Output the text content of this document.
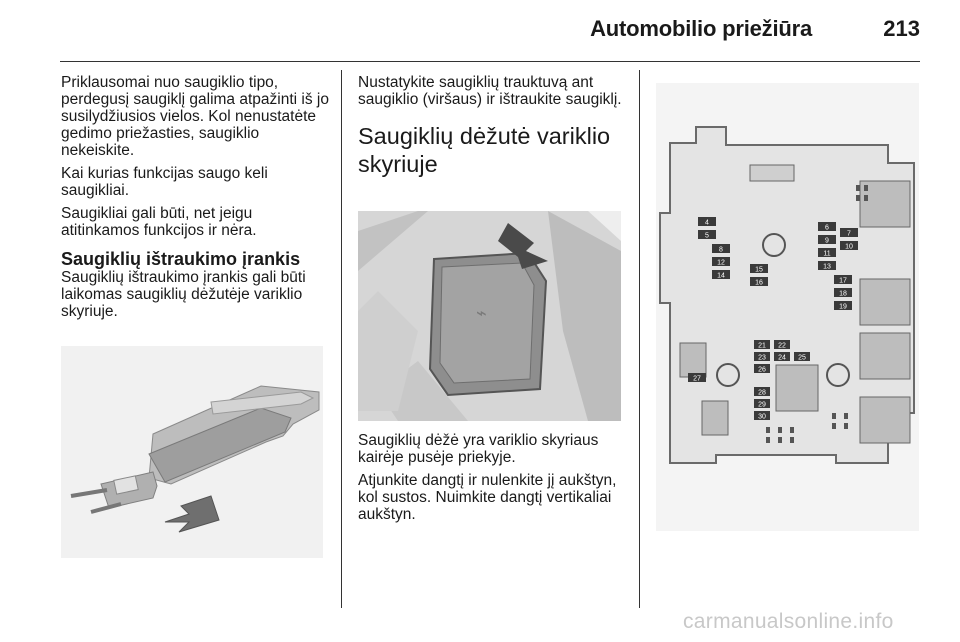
Automobilio priežiūra	213

Priklausomai nuo saugiklio tipo, perdegusį saugiklį galima atpažinti iš jo susilydžiusios vielos. Kol nenustatėte gedimo priežasties, saugiklio nekeiskite.

Kai kurias funkcijas saugo keli saugikliai.

Saugikliai gali būti, net jeigu atitinkamos funkcijos ir nėra.

Saugiklių ištraukimo įrankis

Saugiklių ištraukimo įrankis gali būti laikomas saugiklių dėžutėje variklio skyriuje.

Nustatykite saugiklių trauktuvą ant saugiklio (viršaus) ir ištraukite saugiklį.

Saugiklių dėžutė variklio skyriuje
⌁

Saugiklių dėžė yra variklio skyriaus kairėje pusėje priekyje.

Atjunkite dangtį ir nulenkite jį aukštyn, kol sustos. Nuimkite dangtį vertikaliai aukštyn.

4
5
8
12
14
15
16
6
9
11
13
7
10
17
18
19
21 22
23 24 25
26
27
28
29
30
carmanualsonline.info
